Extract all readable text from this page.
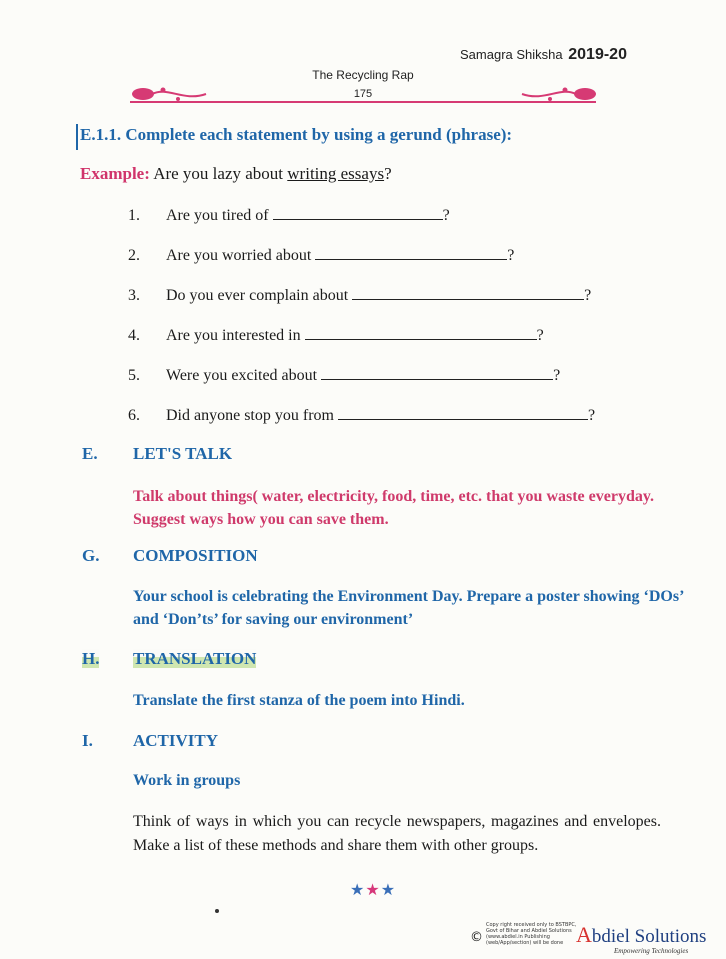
Samagra Shiksha 2019-20
The Recycling Rap
175
E.1.1. Complete each statement by using a gerund (phrase):
Example: Are you lazy about writing essays?
1. Are you tired of	?
2. Are you worried about	?
3. Do you ever complain about	?
4. Are you interested in	?
5. Were you excited about	?
6. Did anyone stop you from	?
E. LET'S TALK
Talk about things( water, electricity, food, time, etc. that you waste everyday. Suggest ways how you can save them.
G. COMPOSITION
Your school is celebrating the Environment Day. Prepare a poster showing ‘DOs’ and ‘Don’ts’ for saving our environment’
H. TRANSLATION
Translate the first stanza of the poem into Hindi.
I. ACTIVITY
Work in groups
Think of ways in which you can recycle newspapers, magazines and envelopes. Make a list of these methods and share them with other groups.
★★★
©
Copy right received only to BSTBPC, Govt of Bihar and Abdiel Solutions (www.abdiel.in Publishing (web/App/section) will be done Abdiel Solutions
Empowering Technologies
